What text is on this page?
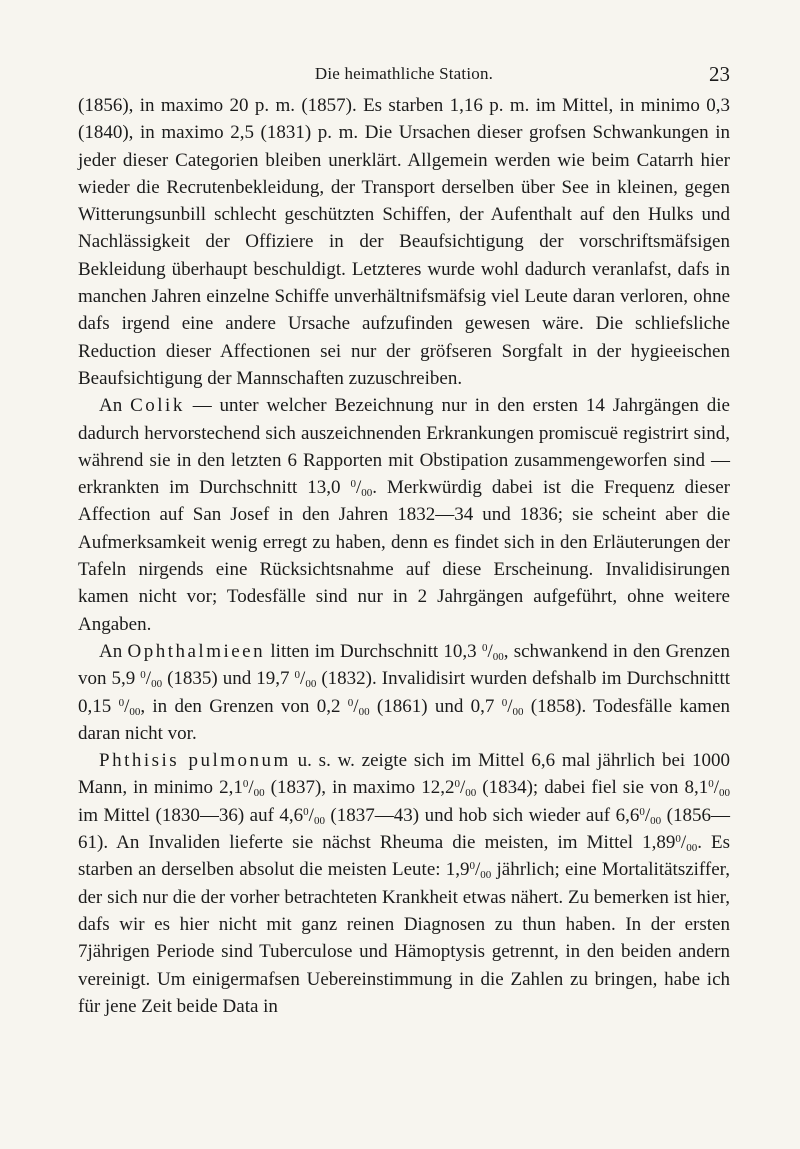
Die heimathliche Station.	23

(1856), in maximo 20 p. m. (1857). Es starben 1,16 p. m. im Mittel, in minimo 0,3 (1840), in maximo 2,5 (1831) p. m. Die Ursachen dieser grofsen Schwankungen in jeder dieser Categorien bleiben unerklärt. Allgemein werden wie beim Catarrh hier wieder die Recrutenbekleidung, der Transport derselben über See in kleinen, gegen Witterungsunbill schlecht geschützten Schiffen, der Aufenthalt auf den Hulks und Nachlässigkeit der Offiziere in der Beaufsichtigung der vorschriftsmäfsigen Bekleidung überhaupt beschuldigt. Letzteres wurde wohl dadurch veranlafst, dafs in manchen Jahren einzelne Schiffe unverhältnifsmäfsig viel Leute daran verloren, ohne dafs irgend eine andere Ursache aufzufinden gewesen wäre. Die schliefsliche Reduction dieser Affectionen sei nur der gröfseren Sorgfalt in der hygieeischen Beaufsichtigung der Mannschaften zuzuschreiben.

An Colik — unter welcher Bezeichnung nur in den ersten 14 Jahrgängen die dadurch hervorstechend sich auszeichnenden Erkrankungen promiscuë registrirt sind, während sie in den letzten 6 Rapporten mit Obstipation zusammengeworfen sind — erkrankten im Durchschnitt 13,0 $^0/_{00}$. Merkwürdig dabei ist die Frequenz dieser Affection auf San Josef in den Jahren 1832—34 und 1836; sie scheint aber die Aufmerksamkeit wenig erregt zu haben, denn es findet sich in den Erläuterungen der Tafeln nirgends eine Rücksichtsnahme auf diese Erscheinung. Invalidisirungen kamen nicht vor; Todesfälle sind nur in 2 Jahrgängen aufgeführt, ohne weitere Angaben.

An Ophthalmieen litten im Durchschnitt 10,3 $^0/_{00}$, schwankend in den Grenzen von 5,9 $^0/_{00}$ (1835) und 19,7 $^0/_{00}$ (1832). Invalidisirt wurden defshalb im Durchschnittt 0,15 $^0/_{00}$, in den Grenzen von 0,2 $^0/_{00}$ (1861) und 0,7 $^0/_{00}$ (1858). Todesfälle kamen daran nicht vor.

Phthisis pulmonum u. s. w. zeigte sich im Mittel 6,6 mal jährlich bei 1000 Mann, in minimo $2,1^0/_{00}$ (1837), in maximo $12,2^0/_{00}$ (1834); dabei fiel sie von $8,1^0/_{00}$ im Mittel (1830—36) auf $4,6^0/_{00}$ (1837—43) und hob sich wieder auf $6,6^0/_{00}$ (1856—61). An Invaliden lieferte sie nächst Rheuma die meisten, im Mittel $1,89^0/_{00}$. Es starben an derselben absolut die meisten Leute: $1,9^0/_{00}$ jährlich; eine Mortalitätsziffer, der sich nur die der vorher betrachteten Krankheit etwas nähert. Zu bemerken ist hier, dafs wir es hier nicht mit ganz reinen Diagnosen zu thun haben. In der ersten 7jährigen Periode sind Tuberculose und Hämoptysis getrennt, in den beiden andern vereinigt. Um einigermafsen Uebereinstimmung in die Zahlen zu bringen, habe ich für jene Zeit beide Data in
